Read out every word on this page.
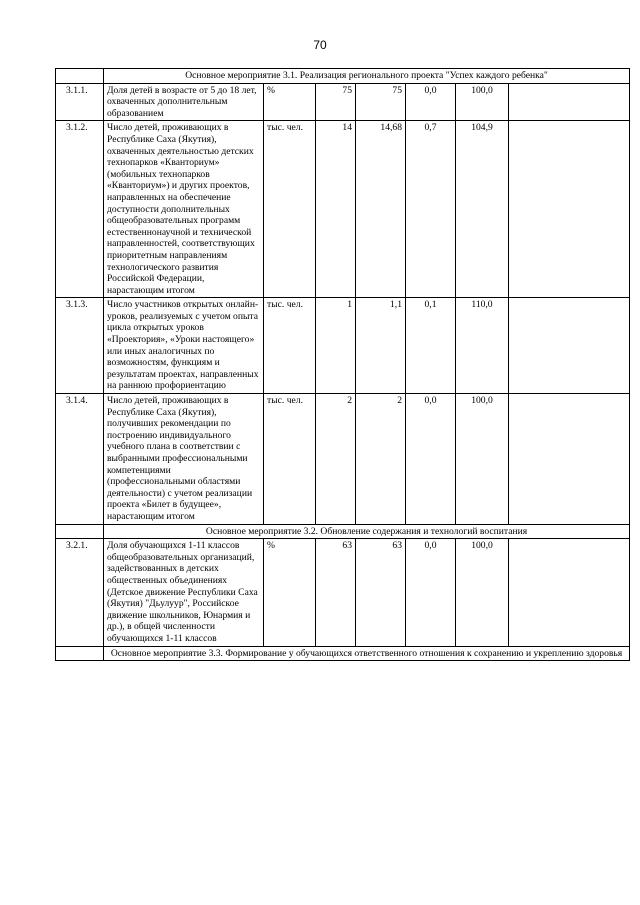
70
	Основное мероприятие 3.1. Реализация регионального проекта "Успех каждого ребенка"						
3.1.1.	Доля детей в возрасте от 5 до 18 лет, охваченных дополнительным образованием	%	75	75	0,0	100,0	
3.1.2.	Число детей, проживающих в Республике Саха (Якутия), охваченных деятельностью детских технопарков «Кванториум» (мобильных технопарков «Кванториум») и других проектов, направленных на обеспечение доступности дополнительных общеобразовательных программ естественнонаучной и технической направленностей, соответствующих приоритетным направлениям технологического развития Российской Федерации, нарастающим итогом	тыс. чел.	14	14,68	0,7	104,9	
3.1.3.	Число участников открытых онлайн-уроков, реализуемых с учетом опыта цикла открытых уроков «Проектория», «Уроки настоящего» или иных аналогичных по возможностям, функциям и результатам проектах, направленных на раннюю профориентацию	тыс. чел.	1	1,1	0,1	110,0	
3.1.4.	Число детей, проживающих в Республике Саха (Якутия), получивших рекомендации по построению индивидуального учебного плана в соответствии с выбранными профессиональными компетенциями (профессиональными областями деятельности) с учетом реализации проекта «Билет в будущее», нарастающим итогом	тыс. чел.	2	2	0,0	100,0	
	Основное мероприятие 3.2. Обновление содержания и технологий воспитания						
3.2.1.	Доля обучающихся 1-11 классов общеобразовательных организаций, задействованных в детских общественных объединениях (Детское движение Республики Саха (Якутия) "Дьулуур", Российское движение школьников, Юнармия и др.), в общей численности обучающихся 1-11 классов	%	63	63	0,0	100,0	
	Основное мероприятие 3.3. Формирование у обучающихся ответственного отношения к сохранению и укреплению здоровья						
